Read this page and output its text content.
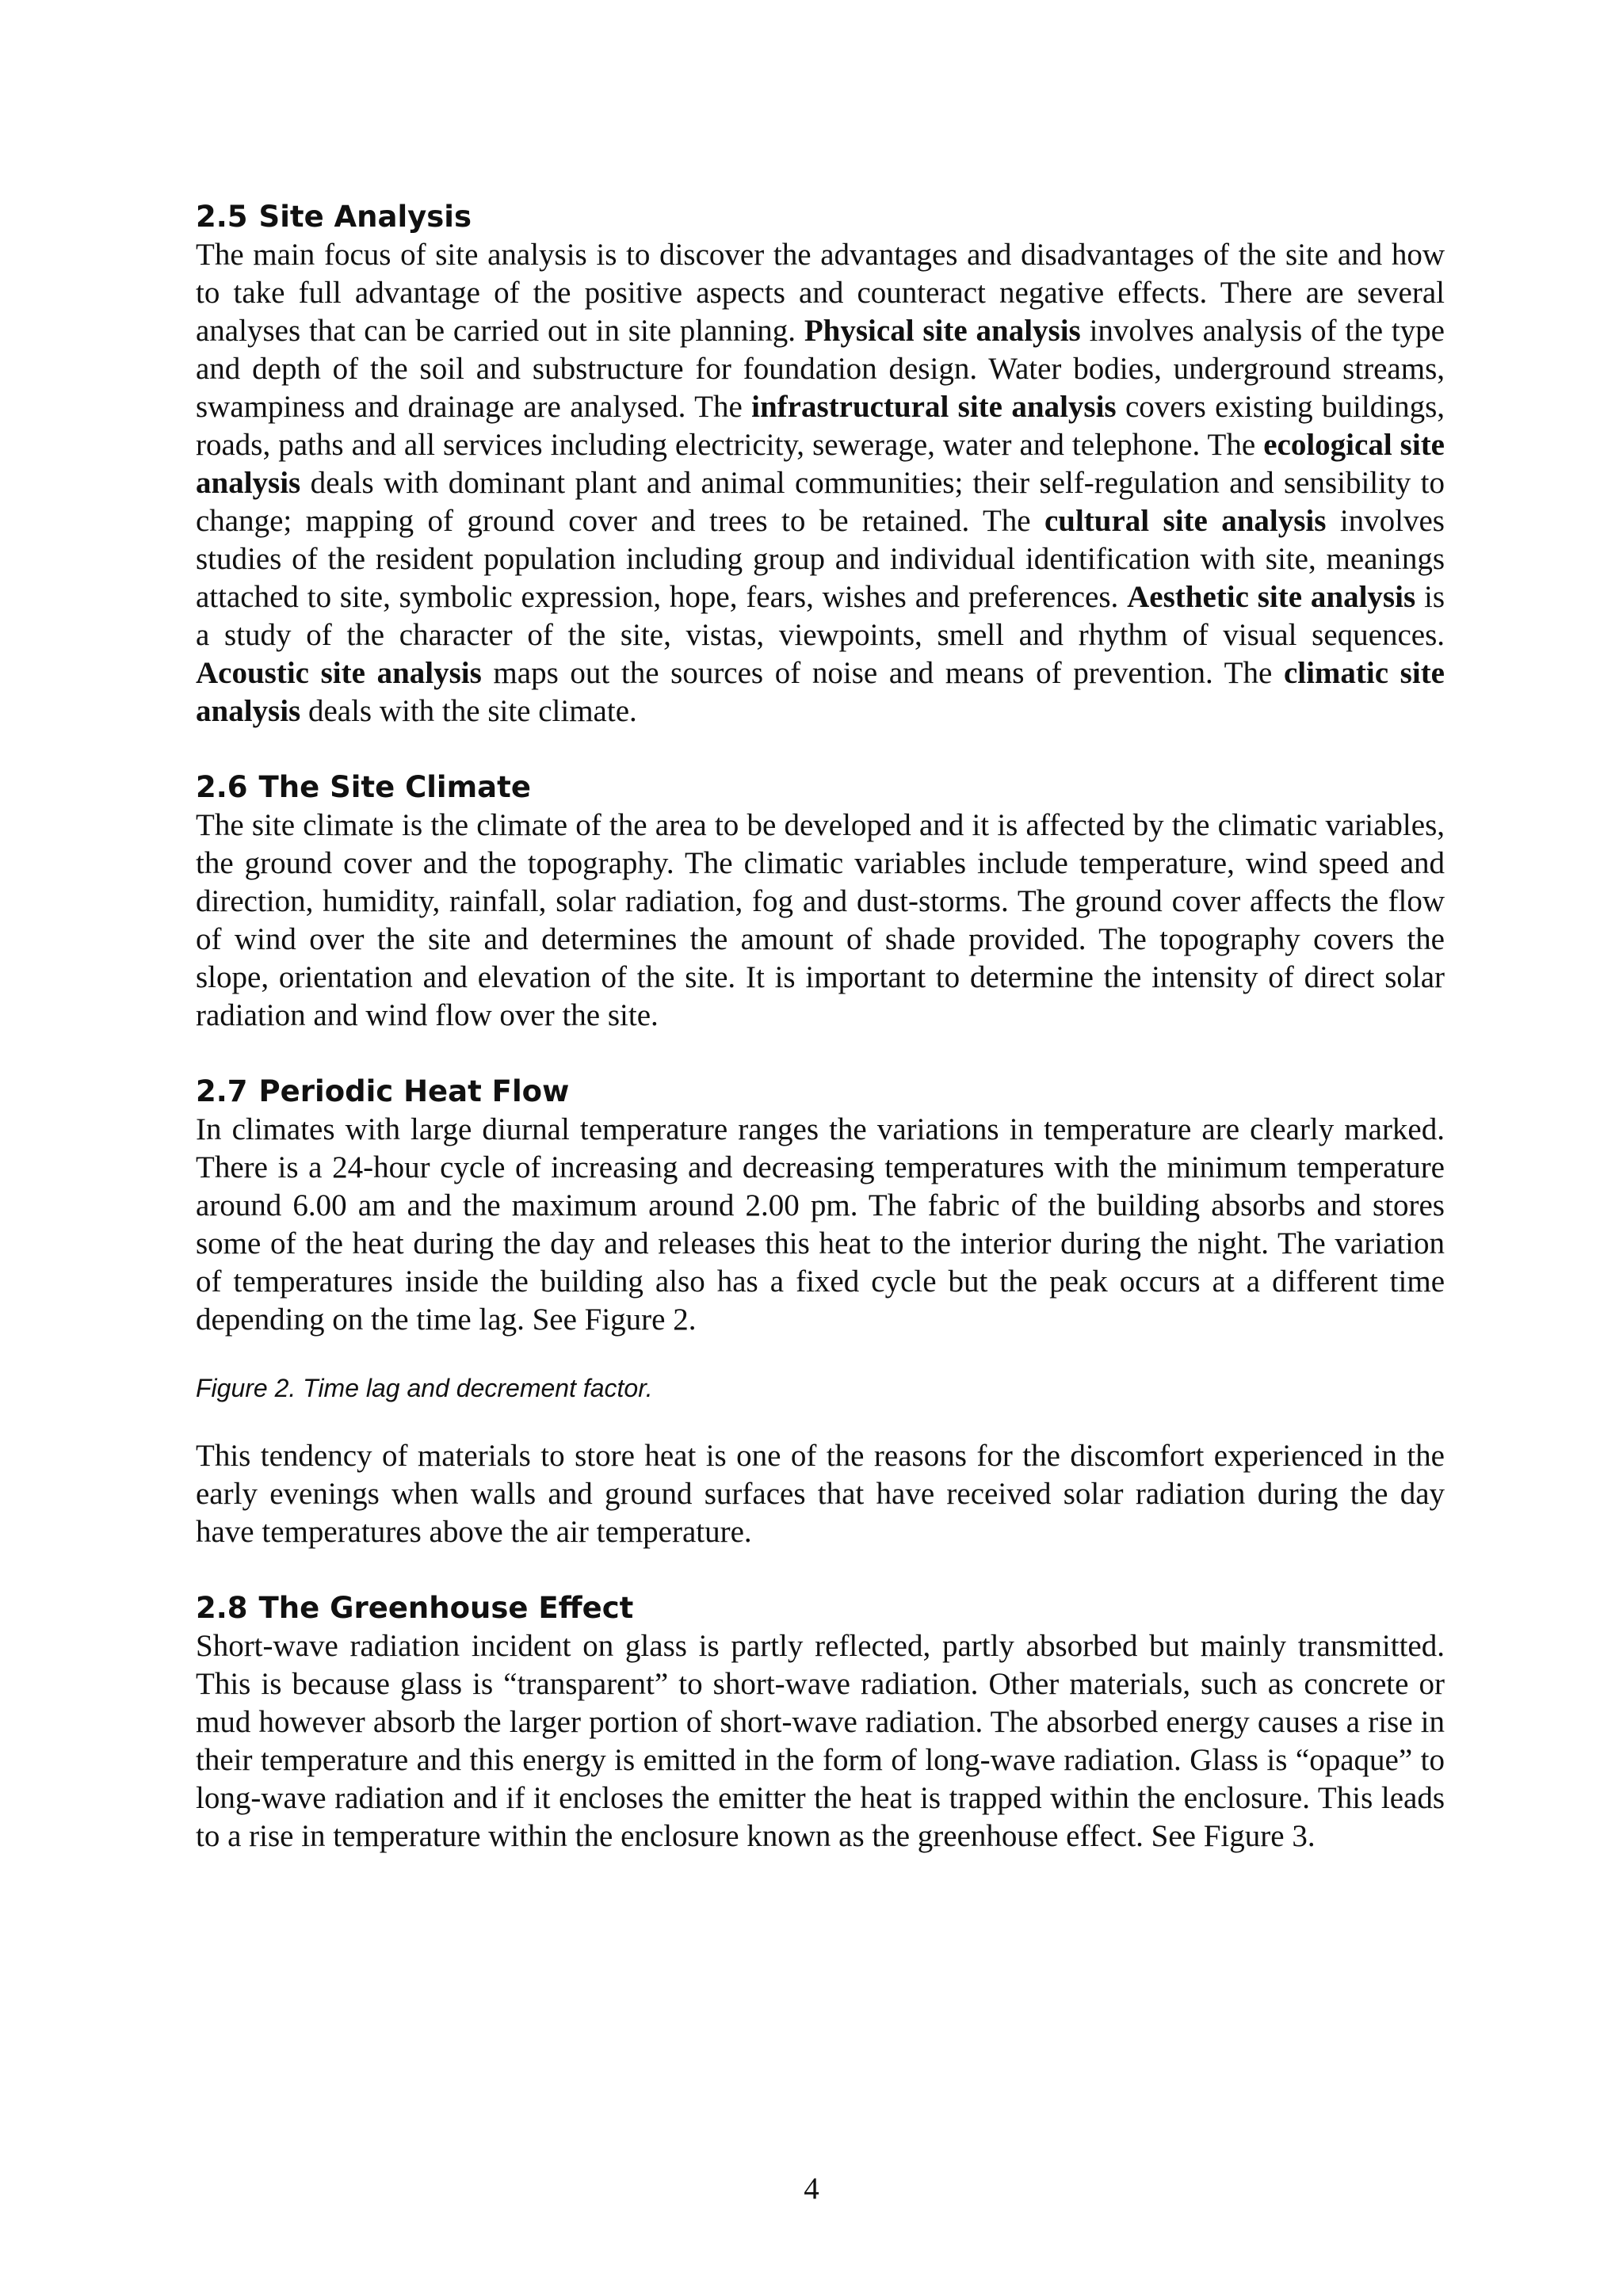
2.5 Site Analysis

The main focus of site analysis is to discover the advantages and disadvantages of the site and how to take full advantage of the positive aspects and counteract negative effects. There are several analyses that can be carried out in site planning. Physical site analysis involves analysis of the type and depth of the soil and substructure for foundation design. Water bodies, underground streams, swampiness and drainage are analysed. The infrastructural site analysis covers existing buildings, roads, paths and all services including electricity, sewerage, water and telephone. The ecological site analysis deals with dominant plant and animal communities; their self-regulation and sensibility to change; mapping of ground cover and trees to be retained. The cultural site analysis involves studies of the resident population including group and individual identification with site, meanings attached to site, symbolic expression, hope, fears, wishes and preferences. Aesthetic site analysis is a study of the character of the site, vistas, viewpoints, smell and rhythm of visual sequences. Acoustic site analysis maps out the sources of noise and means of prevention. The climatic site analysis deals with the site climate.

2.6 The Site Climate

The site climate is the climate of the area to be developed and it is affected by the climatic variables, the ground cover and the topography. The climatic variables include temperature, wind speed and direction, humidity, rainfall, solar radiation, fog and dust-storms. The ground cover affects the flow of wind over the site and determines the amount of shade provided. The topography covers the slope, orientation and elevation of the site. It is important to determine the intensity of direct solar radiation and wind flow over the site.

2.7 Periodic Heat Flow

In climates with large diurnal temperature ranges the variations in temperature are clearly marked. There is a 24-hour cycle of increasing and decreasing temperatures with the minimum temperature around 6.00 am and the maximum around 2.00 pm. The fabric of the building absorbs and stores some of the heat during the day and releases this heat to the interior during the night. The variation of temperatures inside the building also has a fixed cycle but the peak occurs at a different time depending on the time lag. See Figure 2.

Figure 2. Time lag and decrement factor.

This tendency of materials to store heat is one of the reasons for the discomfort experienced in the early evenings when walls and ground surfaces that have received solar radiation during the day have temperatures above the air temperature.

2.8 The Greenhouse Effect

Short-wave radiation incident on glass is partly reflected, partly absorbed but mainly transmitted. This is because glass is “transparent” to short-wave radiation. Other materials, such as concrete or mud however absorb the larger portion of short-wave radiation. The absorbed energy causes a rise in their temperature and this energy is emitted in the form of long-wave radiation. Glass is “opaque” to long-wave radiation and if it encloses the emitter the heat is trapped within the enclosure. This leads to a rise in temperature within the enclosure known as the greenhouse effect. See Figure 3.

4
